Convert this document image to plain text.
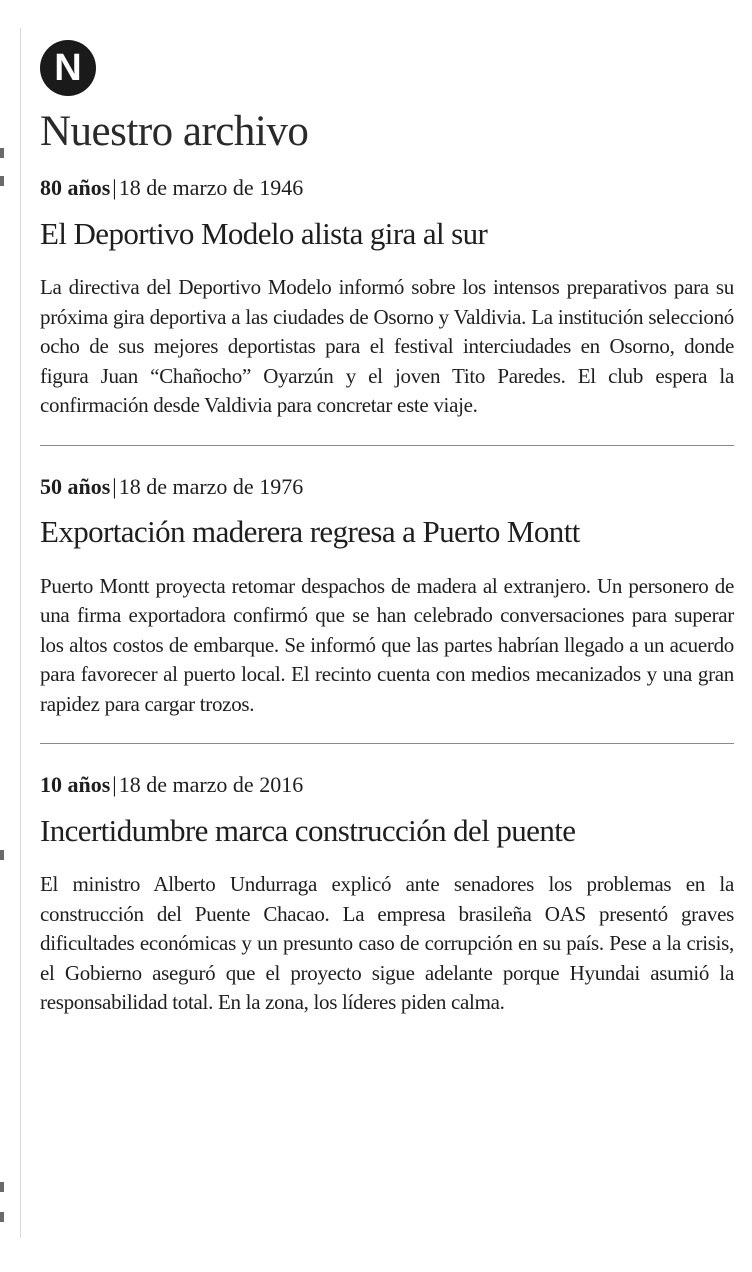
N
Nuestro archivo
80 años|18 de marzo de 1946
El Deportivo Modelo alista gira al sur

La directiva del Deportivo Modelo informó sobre los intensos preparativos para su próxima gira deportiva a las ciudades de Osorno y Valdivia. La institución seleccionó ocho de sus mejores deportistas para el festival interciudades en Osorno, donde figura Juan “Chañocho” Oyarzún y el joven Tito Paredes. El club espera la confirmación desde Valdivia para concretar este viaje.

50 años|18 de marzo de 1976
Exportación maderera regresa a Puerto Montt

Puerto Montt proyecta retomar despachos de madera al extranjero. Un personero de una firma exportadora confirmó que se han celebrado conversaciones para superar los altos costos de embarque. Se informó que las partes habrían llegado a un acuerdo para favorecer al puerto local. El recinto cuenta con medios mecanizados y una gran rapidez para cargar trozos.

10 años|18 de marzo de 2016
Incertidumbre marca construcción del puente

El ministro Alberto Undurraga explicó ante senadores los problemas en la construcción del Puente Chacao. La empresa brasileña OAS presentó graves dificultades económicas y un presunto caso de corrupción en su país. Pese a la crisis, el Gobierno aseguró que el proyecto sigue adelante porque Hyundai asumió la responsabilidad total. En la zona, los líderes piden calma.
